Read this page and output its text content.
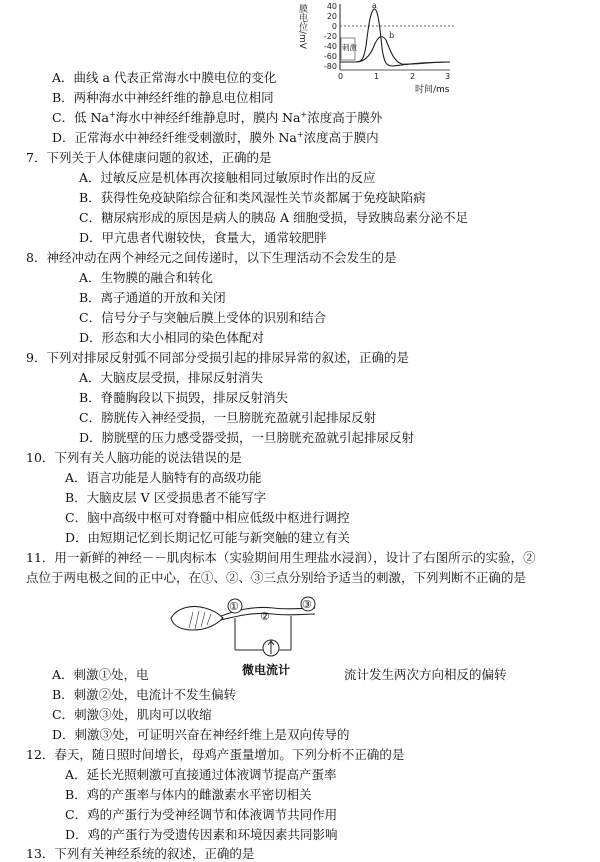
膜电位/mV 40
20
0
-20
-40
-60
-80
刺激
a
b
0	1	2	3
时间/ms
A．曲线 a 代表正常海水中膜电位的变化
B．两种海水中神经纤维的静息电位相同
C．低 Na+海水中神经纤维静息时，膜内 Na+浓度高于膜外
D．正常海水中神经纤维受刺激时，膜外 Na+浓度高于膜内
7．下列关于人体健康问题的叙述，正确的是
A．过敏反应是机体再次接触相同过敏原时作出的反应
B．获得性免疫缺陷综合征和类风湿性关节炎都属于免疫缺陷病
C．糖尿病形成的原因是病人的胰岛 A 细胞受损，导致胰岛素分泌不足
D．甲亢患者代谢较快，食量大，通常较肥胖
8．神经冲动在两个神经元之间传递时，以下生理活动不会发生的是
A．生物膜的融合和转化
B．离子通道的开放和关闭
C．信号分子与突触后膜上受体的识别和结合
D．形态和大小相同的染色体配对
9．下列对排尿反射弧不同部分受损引起的排尿异常的叙述，正确的是
A．大脑皮层受损，排尿反射消失
B．脊髓胸段以下损毁，排尿反射消失
C．膀胱传入神经受损，一旦膀胱充盈就引起排尿反射
D．膀胱壁的压力感受器受损，一旦膀胱充盈就引起排尿反射
10．下列有关人脑功能的说法错误的是
A．语言功能是人脑特有的高级功能
B．大脑皮层 V 区受损患者不能写字
C．脑中高级中枢可对脊髓中相应低级中枢进行调控
D．由短期记忆到长期记忆可能与新突触的建立有关
11．用一新鲜的神经－－肌肉标本（实验期间用生理盐水浸润），设计了右图所示的实验，②
点位于两电极之间的正中心，在①、②、③三点分别给予适当的刺激，下列判断不正确的是
①
②
③
微电流计
A．刺激①处，电	流计发生两次方向相反的偏转
B．刺激②处，电流计不发生偏转
C．刺激③处，肌肉可以收缩
D．刺激③处，可证明兴奋在神经纤维上是双向传导的
12．春天，随日照时间增长，母鸡产蛋量增加。下列分析不正确的是
A．延长光照刺激可直接通过体液调节提高产蛋率
B．鸡的产蛋率与体内的雌激素水平密切相关
C．鸡的产蛋行为受神经调节和体液调节共同作用
D．鸡的产蛋行为受遗传因素和环境因素共同影响
13．下列有关神经系统的叙述，正确的是
